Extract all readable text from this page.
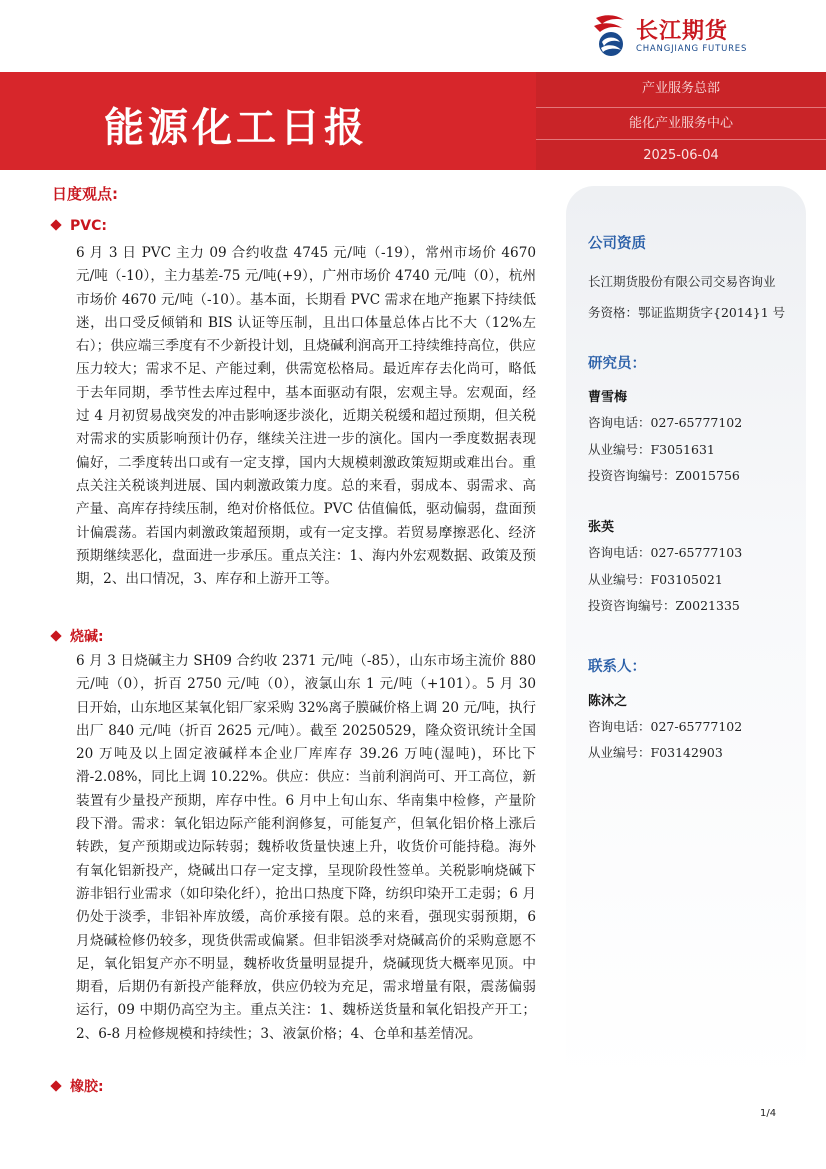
长江期货
CHANGJIANG FUTURES
能源化工日报
产业服务总部
能化产业服务中心
2025-06-04
日度观点:
PVC:
6 月 3 日 PVC 主力 09 合约收盘 4745 元/吨（-19），常州市场价 4670 元/吨（-10），主力基差-75 元/吨(+9），广州市场价 4740 元/吨（0），杭州市场价 4670 元/吨（-10）。基本面，长期看 PVC 需求在地产拖累下持续低迷，出口受反倾销和 BIS 认证等压制，且出口体量总体占比不大（12%左右）；供应端三季度有不少新投计划，且烧碱利润高开工持续维持高位，供应压力较大；需求不足、产能过剩，供需宽松格局。最近库存去化尚可，略低于去年同期，季节性去库过程中，基本面驱动有限，宏观主导。宏观面，经过 4 月初贸易战突发的冲击影响逐步淡化，近期关税缓和超过预期，但关税对需求的实质影响预计仍存，继续关注进一步的演化。国内一季度数据表现偏好，二季度转出口或有一定支撑，国内大规模刺激政策短期或难出台。重点关注关税谈判进展、国内刺激政策力度。总的来看，弱成本、弱需求、高产量、高库存持续压制，绝对价格低位。PVC 估值偏低，驱动偏弱，盘面预计偏震荡。若国内刺激政策超预期，或有一定支撑。若贸易摩擦恶化、经济预期继续恶化，盘面进一步承压。重点关注：1、海内外宏观数据、政策及预期，2、出口情况，3、库存和上游开工等。
烧碱:
6 月 3 日烧碱主力 SH09 合约收 2371 元/吨（-85），山东市场主流价 880 元/吨（0），折百 2750 元/吨（0），液氯山东 1 元/吨（+101）。5 月 30 日开始，山东地区某氧化铝厂家采购 32%离子膜碱价格上调 20 元/吨，执行出厂 840 元/吨（折百 2625 元/吨）。截至 20250529，隆众资讯统计全国 20 万吨及以上固定液碱样本企业厂库库存 39.26 万吨(湿吨)，环比下滑-2.08%，同比上调 10.22%。供应：供应：当前利润尚可、开工高位，新装置有少量投产预期，库存中性。6 月中上旬山东、华南集中检修，产量阶段下滑。需求：氧化铝边际产能利润修复，可能复产，但氧化铝价格上涨后转跌，复产预期或边际转弱；魏桥收货量快速上升，收货价可能持稳。海外有氧化铝新投产，烧碱出口存一定支撑，呈现阶段性签单。关税影响烧碱下游非铝行业需求（如印染化纤），抢出口热度下降，纺织印染开工走弱；6 月仍处于淡季，非铝补库放缓，高价承接有限。总的来看，强现实弱预期，6 月烧碱检修仍较多，现货供需或偏紧。但非铝淡季对烧碱高价的采购意愿不足，氧化铝复产亦不明显，魏桥收货量明显提升，烧碱现货大概率见顶。中期看，后期仍有新投产能释放，供应仍较为充足，需求增量有限，震荡偏弱运行，09 中期仍高空为主。重点关注：1、魏桥送货量和氧化铝投产开工；2、6-8 月检修规模和持续性；3、液氯价格；4、仓单和基差情况。
橡胶:
公司资质
长江期货股份有限公司交易咨询业
务资格：鄂证监期货字{2014}1 号
研究员：
曹雪梅
咨询电话：027-65777102
从业编号：F3051631
投资咨询编号：Z0015756
张英
咨询电话：027-65777103
从业编号：F03105021
投资咨询编号：Z0021335
联系人：
陈沐之
咨询电话：027-65777102
从业编号：F03142903
1/4
